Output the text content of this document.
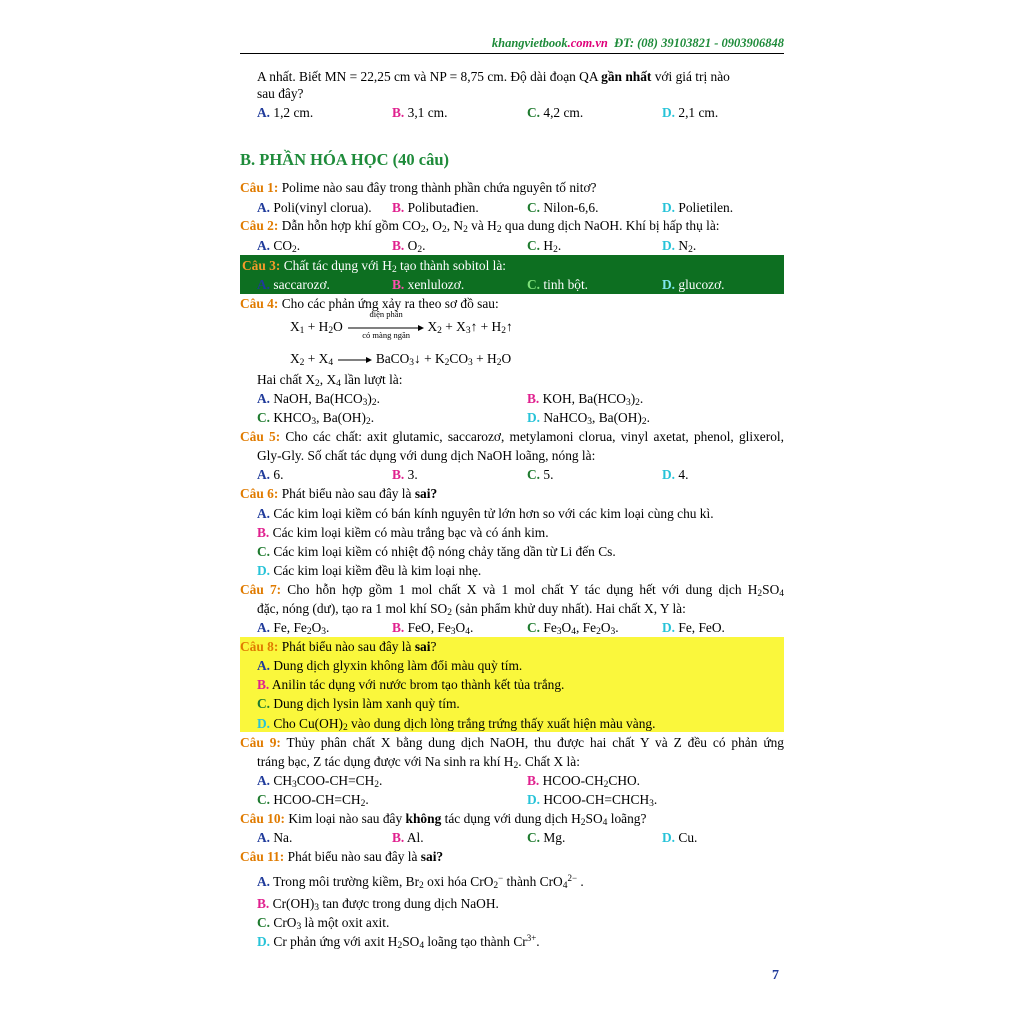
khangvietbook.com.vn ĐT: (08) 39103821 - 0903906848
A nhất. Biết MN = 22,25 cm và NP = 8,75 cm. Độ dài đoạn QA gần nhất với giá trị nào
sau đây?
A. 1,2 cm.	B. 3,1 cm.	C. 4,2 cm.	D. 2,1 cm.
B. PHẦN HÓA HỌC (40 câu)
Câu 1: Polime nào sau đây trong thành phần chứa nguyên tố nitơ?
A. Poli(vinyl clorua). B. Polibutađien.	C. Nilon-6,6.	D. Polietilen.
Câu 2: Dẫn hỗn hợp khí gồm $CO_2$, $O_2$, $N_2$ và $H_2$ qua dung dịch NaOH. Khí bị hấp thụ là:
A. $CO_2$.	B. $O_2$.	C. $H_2$.	D. $N_2$.
Câu 3: Chất tác dụng với $H_2$ tạo thành sobitol là:
A. saccarozơ.	B. xenlulozơ.	C. tinh bột.	D. glucozơ.
Câu 4: Cho các phản ứng xảy ra theo sơ đồ sau:
$X_1 + H_2O$
điện phân
có màng ngăn
$X_2$ + $X_3↑$ + $H_2↑$
$X_2 + X_4$ → BaCO$_3$↓ + $K_2CO_3 + H_2O$
Hai chất $X_2$, $X_4$ lần lượt là:
A. NaOH, $Ba(HCO_3)_2$.	B. KOH, $Ba(HCO_3)_2$.
C. $KHCO_3$, $Ba(OH)_2$.	D. NaHCO$_3$, $Ba(OH)_2$.
Câu 5: Cho các chất: axit glutamic, saccarozơ, metylamoni clorua, vinyl axetat, phenol, glixerol,
Gly-Gly. Số chất tác dụng với dung dịch NaOH loãng, nóng là:
A. 6.	B. 3.	C. 5.	D. 4.
Câu 6: Phát biểu nào sau đây là sai?
A. Các kim loại kiềm có bán kính nguyên tử lớn hơn so với các kim loại cùng chu kì.
B. Các kim loại kiềm có màu trắng bạc và có ánh kim.
C. Các kim loại kiềm có nhiệt độ nóng chảy tăng dần từ Li đến Cs.
D. Các kim loại kiềm đều là kim loại nhẹ.
Câu 7: Cho hỗn hợp gồm 1 mol chất X và 1 mol chất Y tác dụng hết với dung dịch $H_2SO_4$
đặc, nóng (dư), tạo ra 1 mol khí $SO_2$ (sản phẩm khử duy nhất). Hai chất X, Y là:
A. Fe, $Fe_2O_3$.	B. FeO, $Fe_3O_4$.	C. $Fe_3O_4$, $Fe_2O_3$.	D. Fe, FeO.
Câu 8: Phát biểu nào sau đây là sai?
A. Dung dịch glyxin không làm đổi màu quỳ tím.
B. Anilin tác dụng với nước brom tạo thành kết tủa trắng.
C. Dung dịch lysin làm xanh quỳ tím.
D. Cho $Cu(OH)_2$ vào dung dịch lòng trắng trứng thấy xuất hiện màu vàng.
Câu 9: Thủy phân chất X bằng dung dịch NaOH, thu được hai chất Y và Z đều có phản ứng
tráng bạc, Z tác dụng được với Na sinh ra khí $H_2$. Chất X là:
A. $CH_3COO-CH=CH_2$.	B. HCOO-$CH_2CHO$.
C. HCOO-$CH=CH_2$.	D. HCOO-$CH=CHCH_3$.
Câu 10: Kim loại nào sau đây không tác dụng với dung dịch $H_2SO_4$ loãng?
A. Na.	B. Al.	C. Mg.	D. Cu.
Câu 11: Phát biểu nào sau đây là sai?
A. Trong môi trường kiềm, $Br_2$ oxi hóa CrO$_2$− thành CrO$_4^{2-}$ .
B. $Cr(OH)_3$ tan được trong dung dịch NaOH.
C. CrO$_3$ là một oxit axit.
D. Cr phản ứng với axit $H_2SO_4$ loãng tạo thành $Cr^{3+}$.
7
